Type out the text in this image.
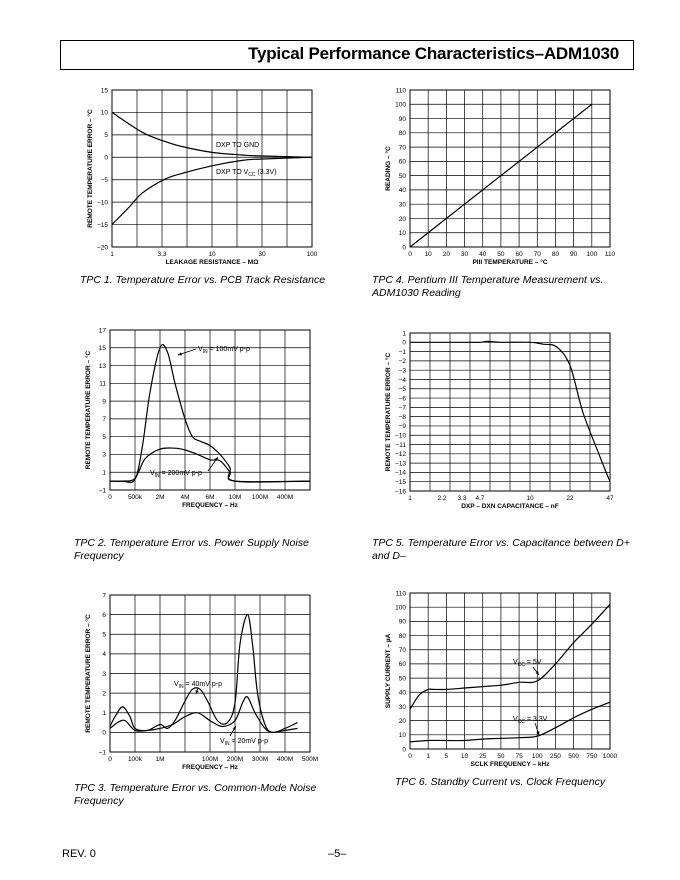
Typical Performance Characteristics–ADM1030
15
10
5
0
−5
−10
−15
−20
1	3.3	10	30	100
LEAKAGE RESISTANCE – MΩ
REMOTE TEMPERATURE ERROR – °C	DXP TO GND
DXP TO $V_{CC}$ (3.3V)
110
100
90
80
70
60
50
40
30
20
10
0
0 10 20 30 40 50 60 70 80 90 100 110
PIII TEMPERATURE – °C
READING – °C
17
15
13
11
9
7
5
3
1
−1
0 500k 2M 4M 6M 10M 100M 400M
FREQUENCY – Hz
REMOTE TEMPERATURE ERROR – °C
$V_{IN} = 100mV$ p-p
$V_{IN} = 200mV$ p-p
1
0
−1
−2
−3
−4
−5
−6
−7
−8
−9
−10
−11
−12
−13
−14
−15
−16
1	2.2 3.3 4.7	10	22	47
DXP – DXN CAPACITANCE – nF
REMOTE TEMPERATURE ERROR – °C
7
6
5
4
3
2
1
0
−1
0 100k 1M	100M 200M 300M 400M 500M
FREQUENCY – Hz
REMOTE TEMPERATURE ERROR – °C	$V_{IN} = 40mV$ p-p
$V_{IN} = 20mV$ p-p
110
100
90
80
70
60
50
40
30
20
10
0
0 1 5 10 25 50 75 100 250 500 750 1000
SCLK FREQUENCY – kHz
SUPPLY CURRENT – µA	$V_{CC} = 5V$
$V_{CC} = 3.3V$
TPC 1. Temperature Error vs. PCB Track Resistance	TPC 4. Pentium III Temperature Measurement vs. ADM1030 Reading
TPC 2. Temperature Error vs. Power Supply Noise Frequency
TPC 5. Temperature Error vs. Capacitance between D+ and D–
TPC 3. Temperature Error vs. Common-Mode Noise Frequency
TPC 6. Standby Current vs. Clock Frequency
REV. 0	–5–
